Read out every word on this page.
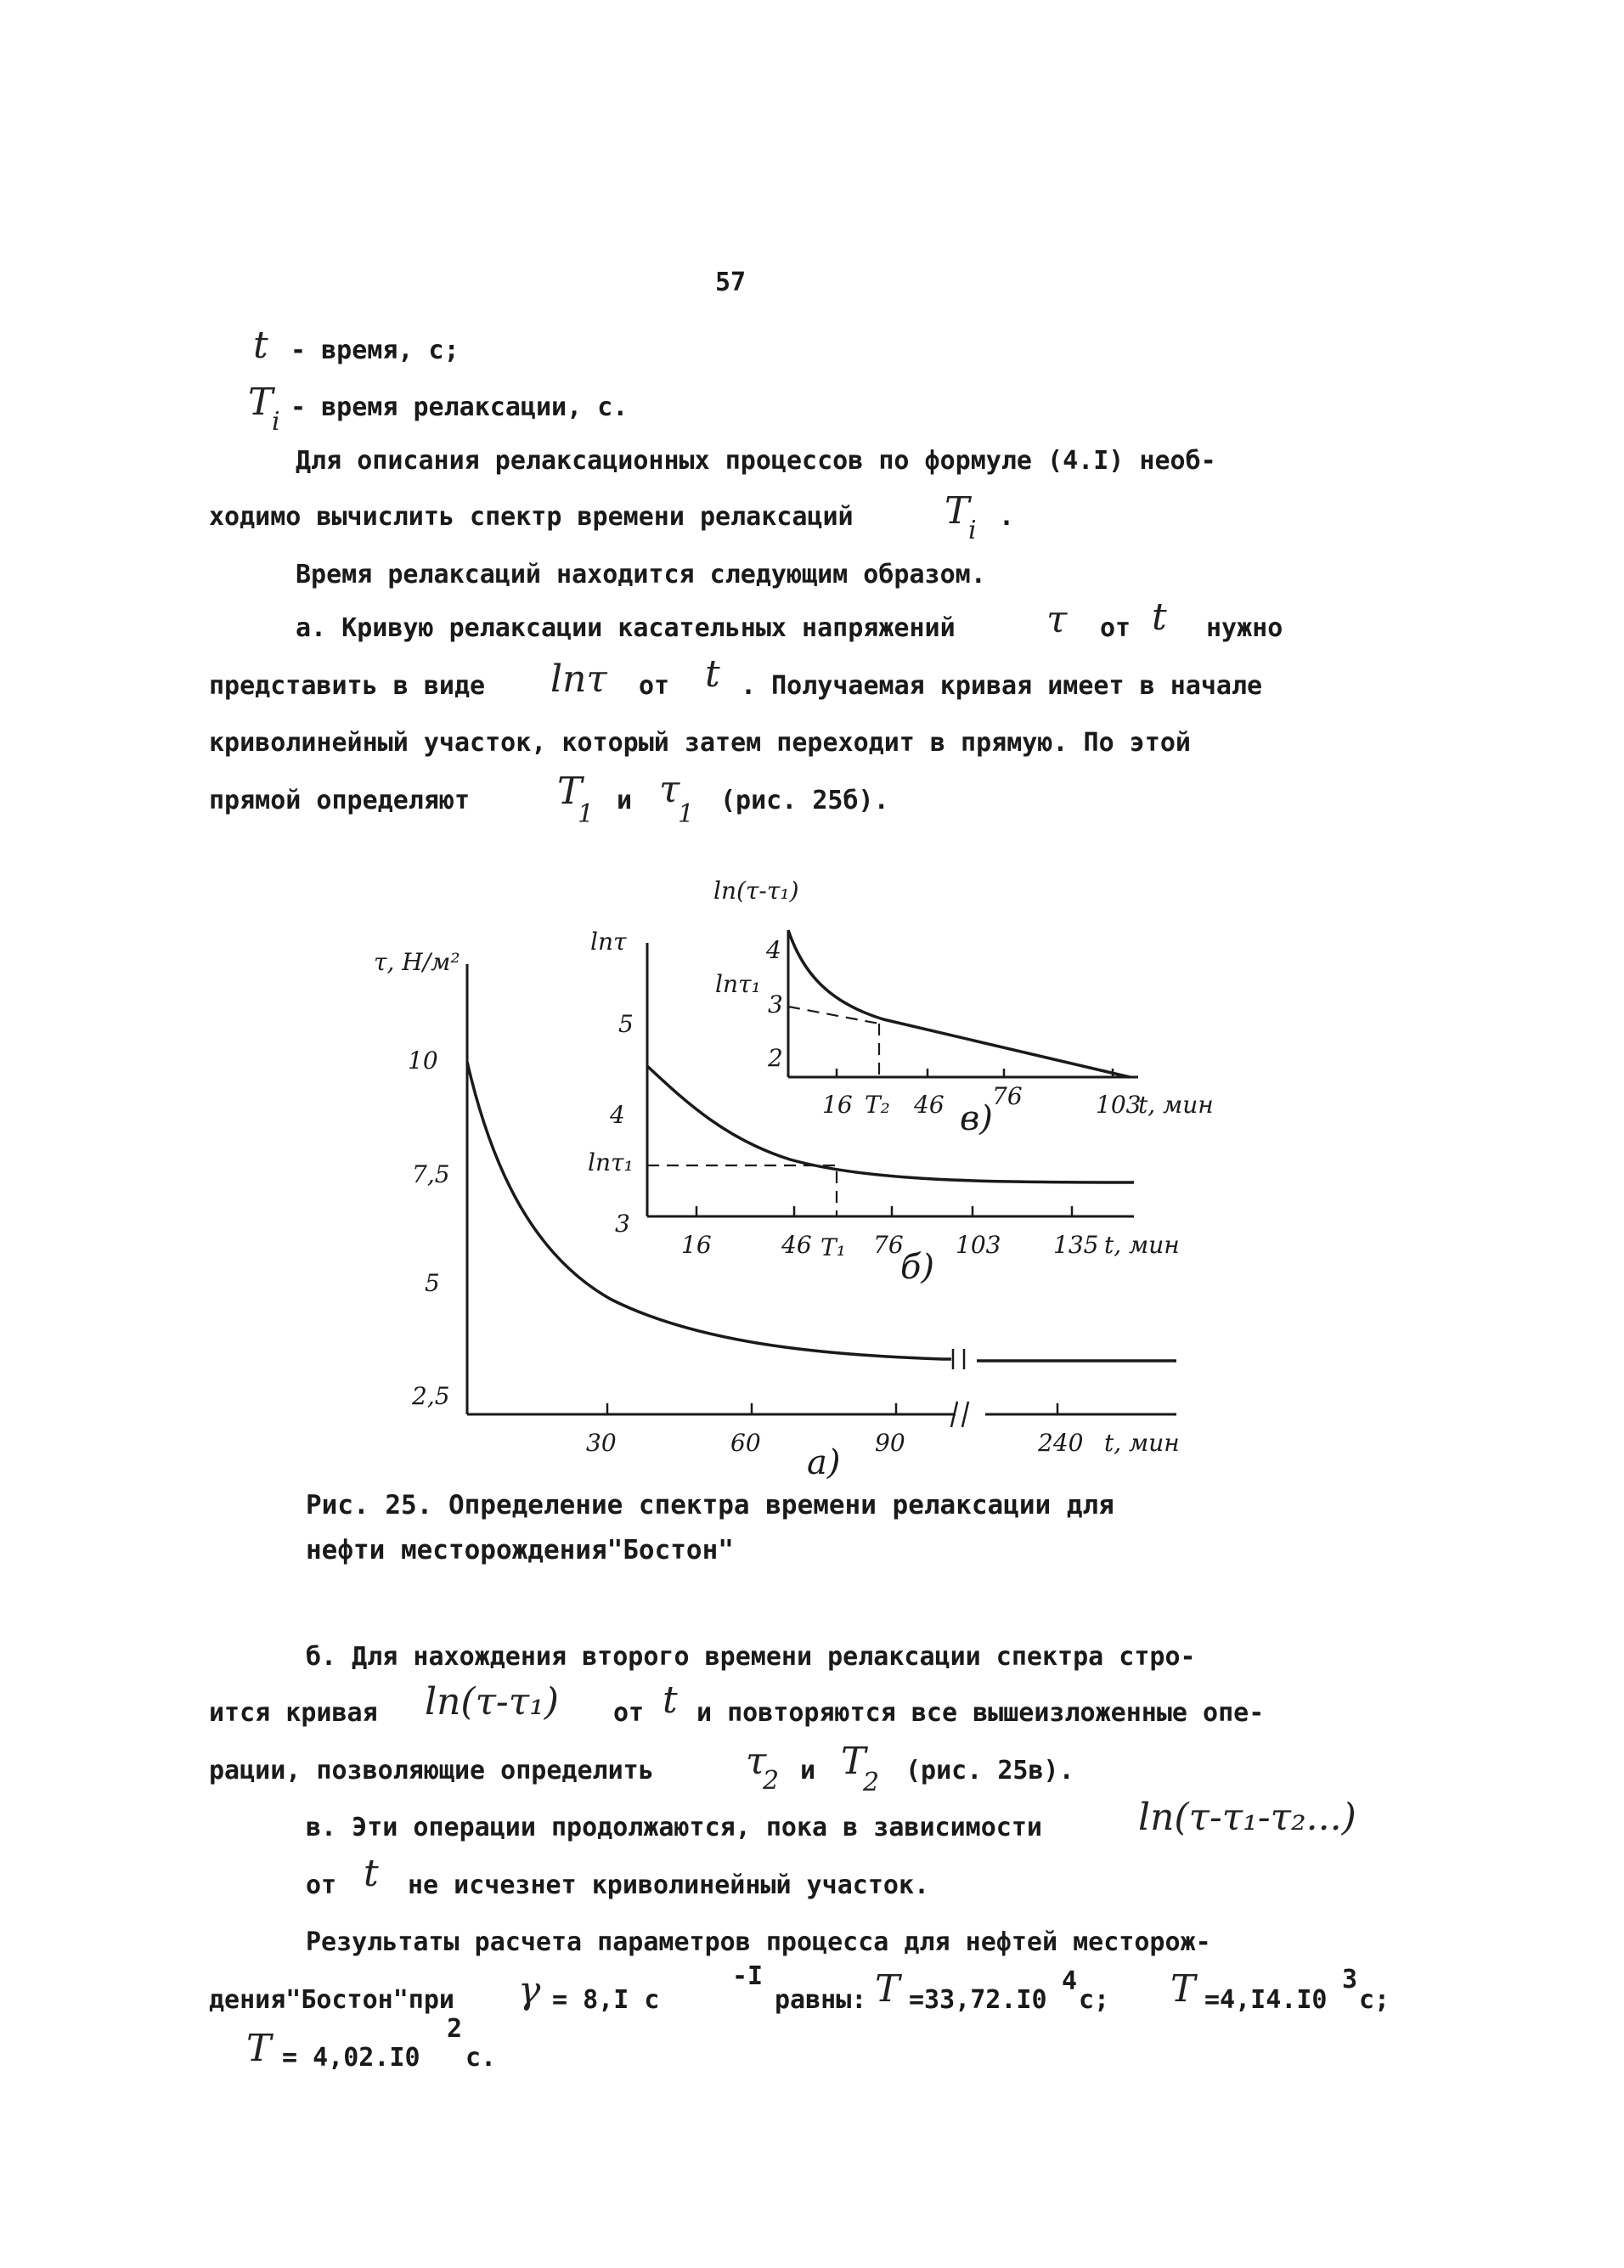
57
t - время, с;
T
i - время релаксации, с.
Для описания релаксационных процессов по формуле (4.I) необ-
ходимо вычислить спектр времени релаксаций T
i .
Время релаксаций находится следующим образом.
а. Кривую релаксации касательных напряжений τ от t нужно
представить в виде lnτ от t . Получаемая кривая имеет в начале
криволинейный участок, который затем переходит в прямую. По этой
прямой определяют T
1 и τ
1 (рис. 25б).
τ, Н/м²
10
7,5
5
2,5
30	60	90	240 t, мин
а)
lnτ
5
4
3
lnτ₁
16	46 T₁ 76 103 135 t, мин
б)
ln(τ-τ₁)
4
lnτ₁
3
2
16 T₂ 46 76	103
t, мин
в)
Рис. 25. Определение спектра времени релаксации для
нефти месторождения"Бостон"
б. Для нахождения второго времени релаксации спектра стро-
ится кривая ln(τ-τ₁) от t и повторяются все вышеизложенные опе-
рации, позволяющие определить τ
2 и T
2 (рис. 25в).
в. Эти операции продолжаются, пока в зависимости	ln(τ-τ₁-τ₂...)
от t не исчезнет криволинейный участок.
Результаты расчета параметров процесса для нефтей месторож-
дения"Бостон"при γ = 8,I с
-I
равны: T =33,72.I0
4
с; T =4,I4.I0
3
с;
T = 4,02.I0
2
с.
